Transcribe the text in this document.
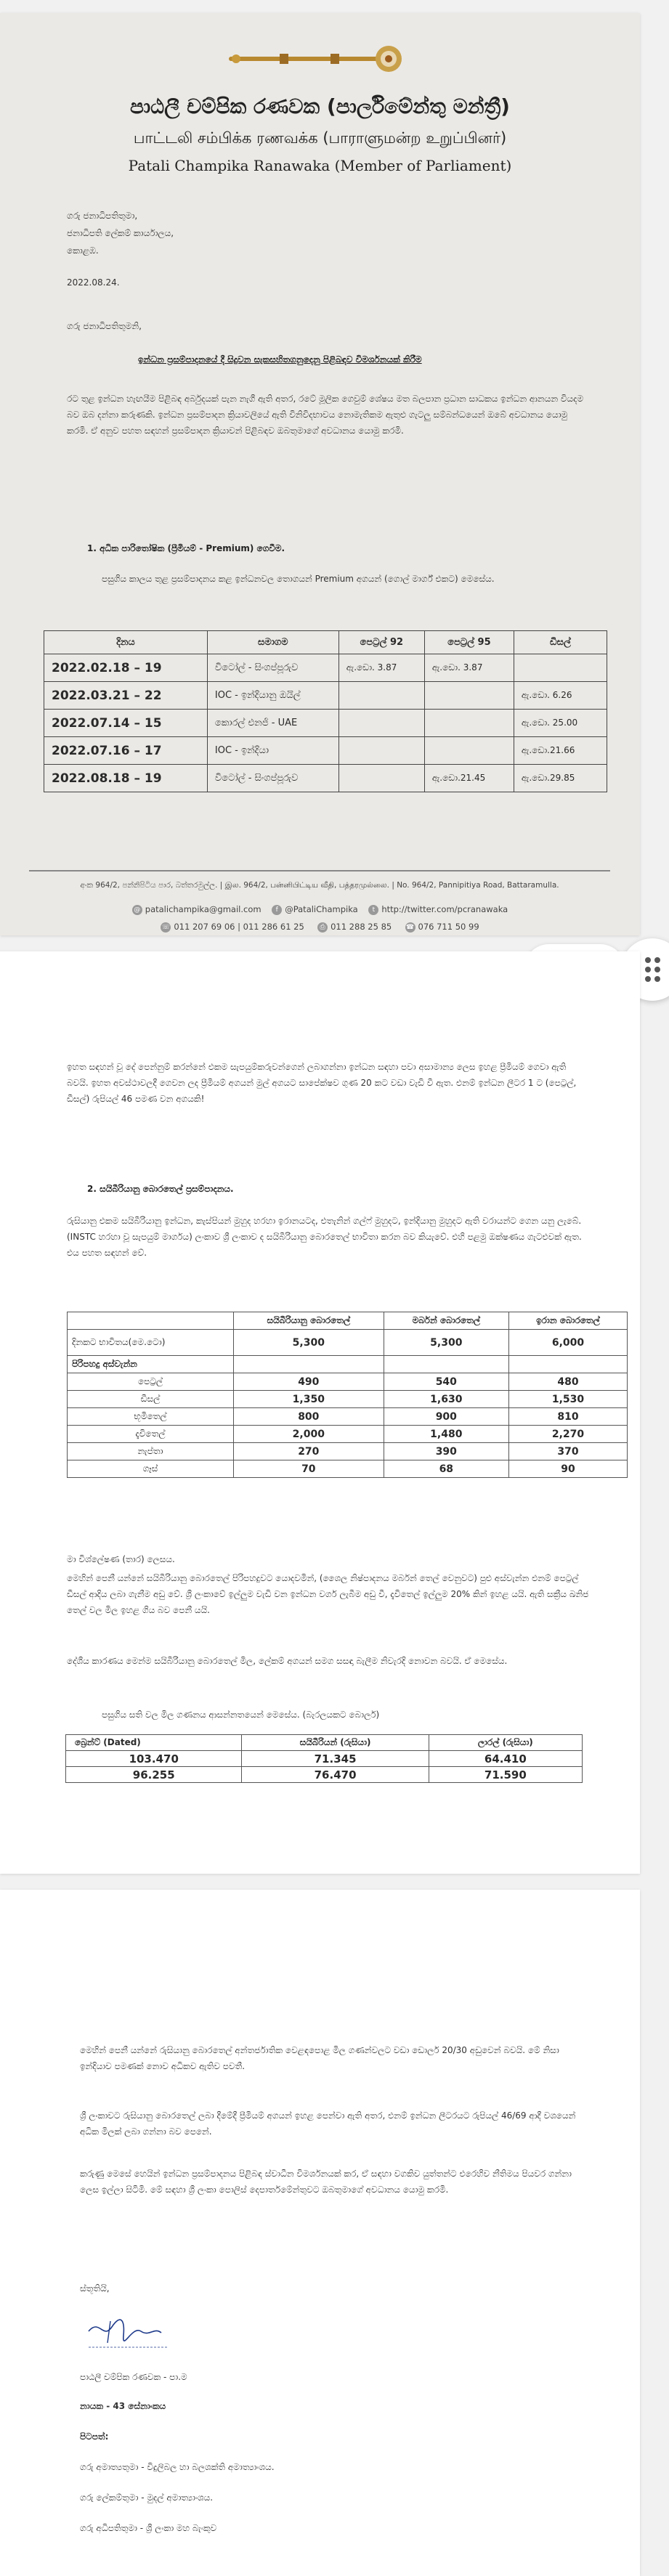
පාඨලී චම්පික රණවක (පාර්ලිමේන්තු මන්ත්‍රී)
பாட்டலி சம்பிக்க ரணவக்க (பாராளுமன்ற உறுப்பினர்)
Patali Champika Ranawaka (Member of Parliament)
ගරු ජනාධිපතිතුමා,
ජනාධිපති ලේකම් කාර්යාලය,
කොළඹ.
2022.08.24.
ගරු ජනාධිපතිතුමනි,
ඉන්ධන ප්‍රසම්පාදනයේ දී සිදුවන සැකසහිතගනුදෙනු පිළිබඳව විමර්ශනයක් කිරීම
රට තුළ ඉන්ධන හැඟයීම පිළිබඳ අර්බුදයක් පැන නැගී ඇති අතර, රටේ මූලික ගෙවුම් ශේෂය මත බලපාන ප්‍රධාන සාධකය ඉන්ධන ආනයන වියදම බව ඔබ දන්නා කරුණකි. ඉන්ධන ප්‍රසම්පාදන ක්‍රියාවලියේ ඇති විනිවිදභාවය නොමැතිකම ඇතුළු ගැටලු සම්බන්ධයෙන් ඔබේ අවධානය යොමු කරමි. ඒ අනුව පහත සඳහන් ප්‍රසම්පාදන ක්‍රියාවන් පිළිබඳව ඔබතුමාගේ අවධානය යොමු කරමි.
1. අධික පාරිතෝෂික (ප්‍රීමියම් - Premium) ගෙවීම.
පසුගිය කාලය තුළ ප්‍රසම්පාදනය කළ ඉන්ධනවල තොගයන් Premium අගයන් (ගොල් මාර්ග් එකට) මෙසේය.
දිනය	සමාගම	පෙට්‍රල් 92	පෙට්‍රල් 95	ඩීසල්
2022.02.18 – 19	විටෝල් - සිංගප්පූරුව	ඇ.ඩො. 3.87	ඇ.ඩො. 3.87	
2022.03.21 – 22	IOC - ඉන්දියානු ඔයිල්			ඇ.ඩො. 6.26
2022.07.14 – 15	කොරල් එනජි - UAE			ඇ.ඩො. 25.00
2022.07.16 – 17	IOC - ඉන්දියා			ඇ.ඩො.21.66
2022.08.18 – 19	විටෝල් - සිංගප්පූරුව		ඇ.ඩො.21.45	ඇ.ඩො.29.85
අංක 964/2, පන්නිපිටිය පාර, බත්තරමුල්ල. | இல. 964/2, பன்னிபிட்டிய வீதி, பத்தரமுல்லை. | No. 964/2, Pannipitiya Road, Battaramulla.
@ patalichampika@gmail.com f @PataliChampika t http://twitter.com/pcranawaka
☏ 011 207 69 06 | 011 286 61 25 ⎙ 011 288 25 85 ☎ 076 711 50 99
ඉහත සඳහන් වූ දේ පෙන්නුම් කරන්නේ එකම සැපයුම්කරුවන්ගෙන් ලබාගන්නා ඉන්ධන සඳහා පවා අසාමාන්‍ය ලෙස ඉහළ ප්‍රීමියම් ගෙවා ඇති බවයි. ඉහත අවස්ථාවලදී ගෙවන ලද ප්‍රීමියම් අගයන් මුල් අගයට සාපේක්ෂව ගුණ 20 කට වඩා වැඩි වී ඇත. එනම් ඉන්ධන ලීටර 1 ට (පෙට්‍රල්, ඩීසල්) රුපියල් 46 පමණ වන අගයකි!
2. සයිබීරියානු බොරතෙල් ප්‍රසම්පාදනය.
රුසියානු එකම සයිබීරියානු ඉන්ධන, කැස්පියන් මුහුද හරහා ඉරානයටද, එතැනින් ගල්ෆ් මුහුදට, ඉන්දියානු මුහුදට ඇති වරායන්ට ගෙන යනු ලැබේ. (INSTC හරහා වූ සැපයුම් මාර්ගය) ලංකාව ශ්‍රී ලංකාව ද සයිබීරියානු බොරතෙල් භාවිතා කරන බව කියැවේ. එහි පළමු ඔක්ෂණය ගැටළුවක් ඇත. එය පහත සඳහන් වේ.
	සයිබීරියානු බොරතෙල්	මර්බන් බොරතෙල්	ඉරාන බොරතෙල්
දිනකට භාවිතය(මෙ.ටො)	5,300	5,300	6,000
පිරිපහදු අස්වැන්න			
පෙට්‍රල්	490	540	480
ඩීසල්	1,350	1,630	1,530
භූමිතෙල්	800	900	810
දැවිතෙල්	2,000	1,480	2,270
නැප්තා	270	390	370
ගෑස්	70	68	90
මා විශ්ලේෂණ (තාර) ලෙසය.
මෙහින් පෙනී යන්නේ සයිබීරියානු බොරතෙල් පිරිපහදුවට යොදවමින්, (ශෛල නිෂ්පාදනය මර්බන් තෙල් වෙනුවට) පුළු අස්වැන්න එනම් පෙට්‍රල් ඩීසල් ආදිය ලබා ගැනීම අඩු වේ. ශ්‍රී ලංකාවේ ඉල්ලුම වැඩි වන ඉන්ධන වර්ග ලැබීම අඩු වී, දැවිතෙල් ඉල්ලුම 20% කින් ඉහළ යයි. ඇති සක්‍රීය ඛනිජ තෙල් වල මිල ඉහළ ගිය බව පෙනී යයි.
දේශීය කාරණය මෙන්ම සයිබීරියානු බොරතෙල් මිල, ලේකම් අගයන් සමග සසඳා බැලීම නිවැරදි නොවන බවයි. ඒ මෙසේය.
පසුගිය සති වල මිල ගණනය ආසන්නතයෙන් මෙසේය. (බැරලයකට බොලර්)
බ්‍රෙන්ට් (Dated)	සයිබීරියන් (රුසියා)	ලාරල් (රුසියා)
103.470	71.345	64.410
96.255	76.470	71.590
මෙහින් පෙනී යන්නේ රුසියානු බොරතෙල් අන්තර්ජාතික වෙළඳපොළ මිල ගණන්වලට වඩා ඩොලර් 20/30 අඩුවෙන් බවයි. මේ නිසා ඉන්දියාව පමණක් නොව අධිකව ඇතිව පවතී.
ශ්‍රී ලංකාවට රුසියානු බොරතෙල් ලබා දීමේදී ප්‍රීමියම් අගයන් ඉහළ පෙන්වා ඇති අතර, එනම් ඉන්ධන ලීටරයට රුපියල් 46/69 ආදී වශයෙන් අධික මිලක් ලබා ගන්නා බව පෙනේ.
කරුණු මෙසේ හෙයින් ඉන්ධන ප්‍රසම්පාදනය පිළිබඳ ස්වාධීන විමර්ශනයක් කර, ඒ සඳහා වගකිව යුත්තන්ට එරෙහිව නීතිමය පියවර ගන්නා ලෙස ඉල්ලා සිටිමි. මේ සඳහා ශ්‍රී ලංකා පොලිස් දෙපාර්තමේන්තුවට ඔබතුමාගේ අවධානය යොමු කරමි.
ස්තූතියි,
පාඨලී චම්පික රණවක - පා.ම
නායක - 43 සේනාංකය
පිටපත්:
ගරු අමාත්‍යතුමා - විදුලිබල හා බලශක්ති අමාත්‍යාංශය.
ගරු ලේකම්තුමා - මුදල් අමාත්‍යාංශය.
ගරු අධිපතිතුමා - ශ්‍රී ලංකා මහ බැංකුව
